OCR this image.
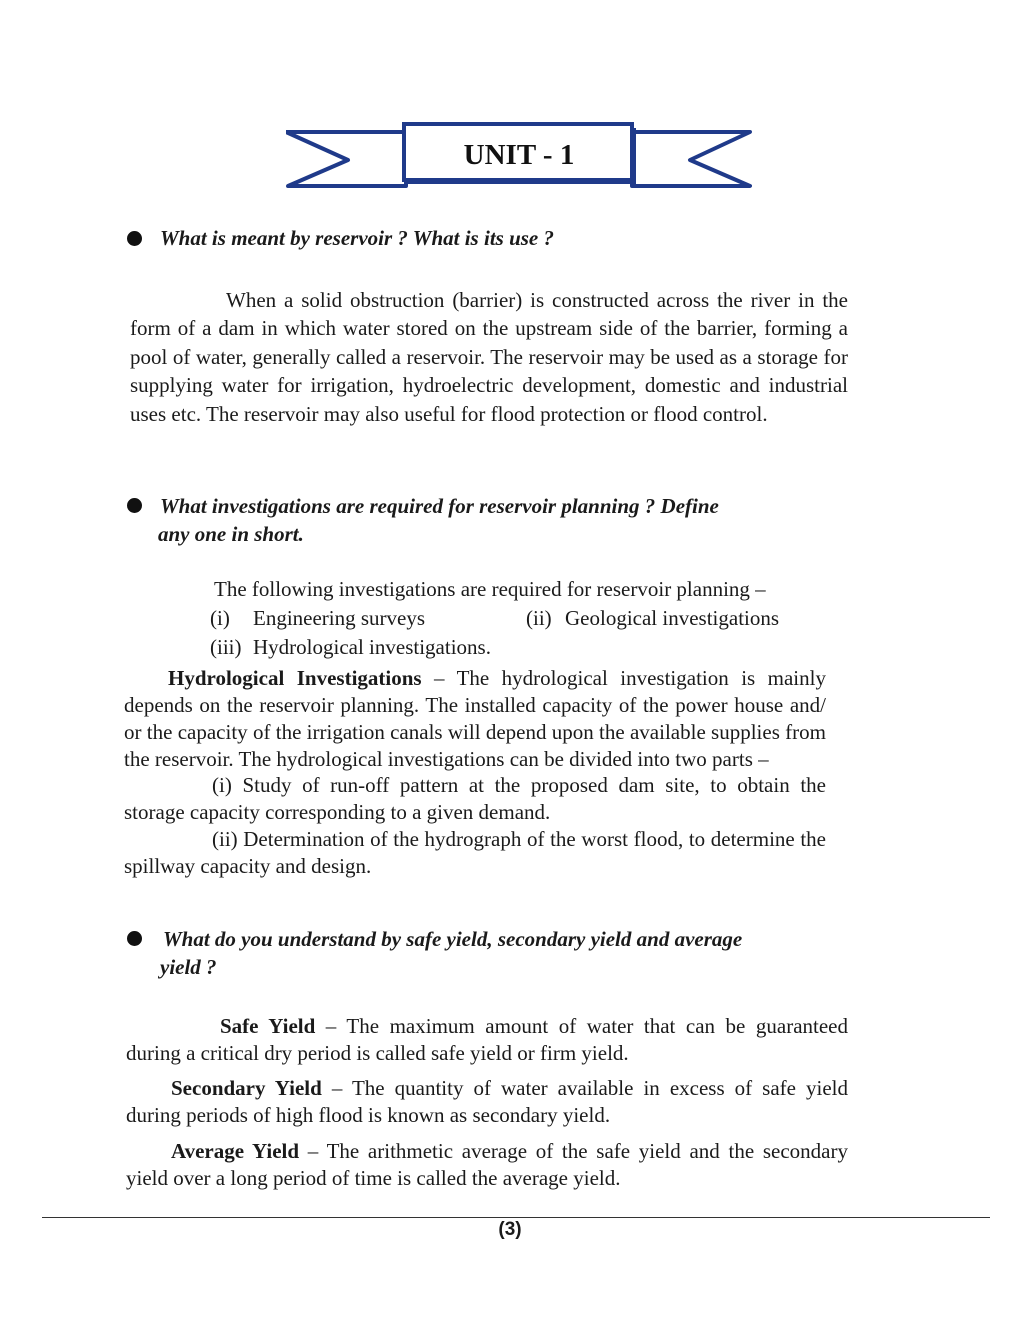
UNIT - 1
What is meant by reservoir ? What is its use ?
When a solid obstruction (barrier) is constructed across the river in the form of a dam in which water stored on the upstream side of the barrier, forming a pool of water, generally called a reservoir. The reservoir may be used as a storage for supplying water for irrigation, hydroelectric development, domestic and industrial uses etc. The reservoir may also useful for flood protection or flood control.
What investigations are required for reservoir planning ? Define
any one in short.
The following investigations are required for reservoir planning –
(i) Engineering surveys	(ii) Geological investigations
(iii) Hydrological investigations.
Hydrological Investigations – The hydrological investigation is mainly depends on the reservoir planning. The installed capacity of the power house and/ or the capacity of the irrigation canals will depend upon the available supplies from the reservoir. The hydrological investigations can be divided into two parts –
(i) Study of run-off pattern at the proposed dam site, to obtain the storage capacity corresponding to a given demand.
(ii) Determination of the hydrograph of the worst flood, to determine the spillway capacity and design.
What do you understand by safe yield, secondary yield and average
yield ?
Safe Yield – The maximum amount of water that can be guaranteed during a critical dry period is called safe yield or firm yield.
Secondary Yield – The quantity of water available in excess of safe yield during periods of high flood is known as secondary yield.
Average Yield – The arithmetic average of the safe yield and the secondary yield over a long period of time is called the average yield.
(3)
